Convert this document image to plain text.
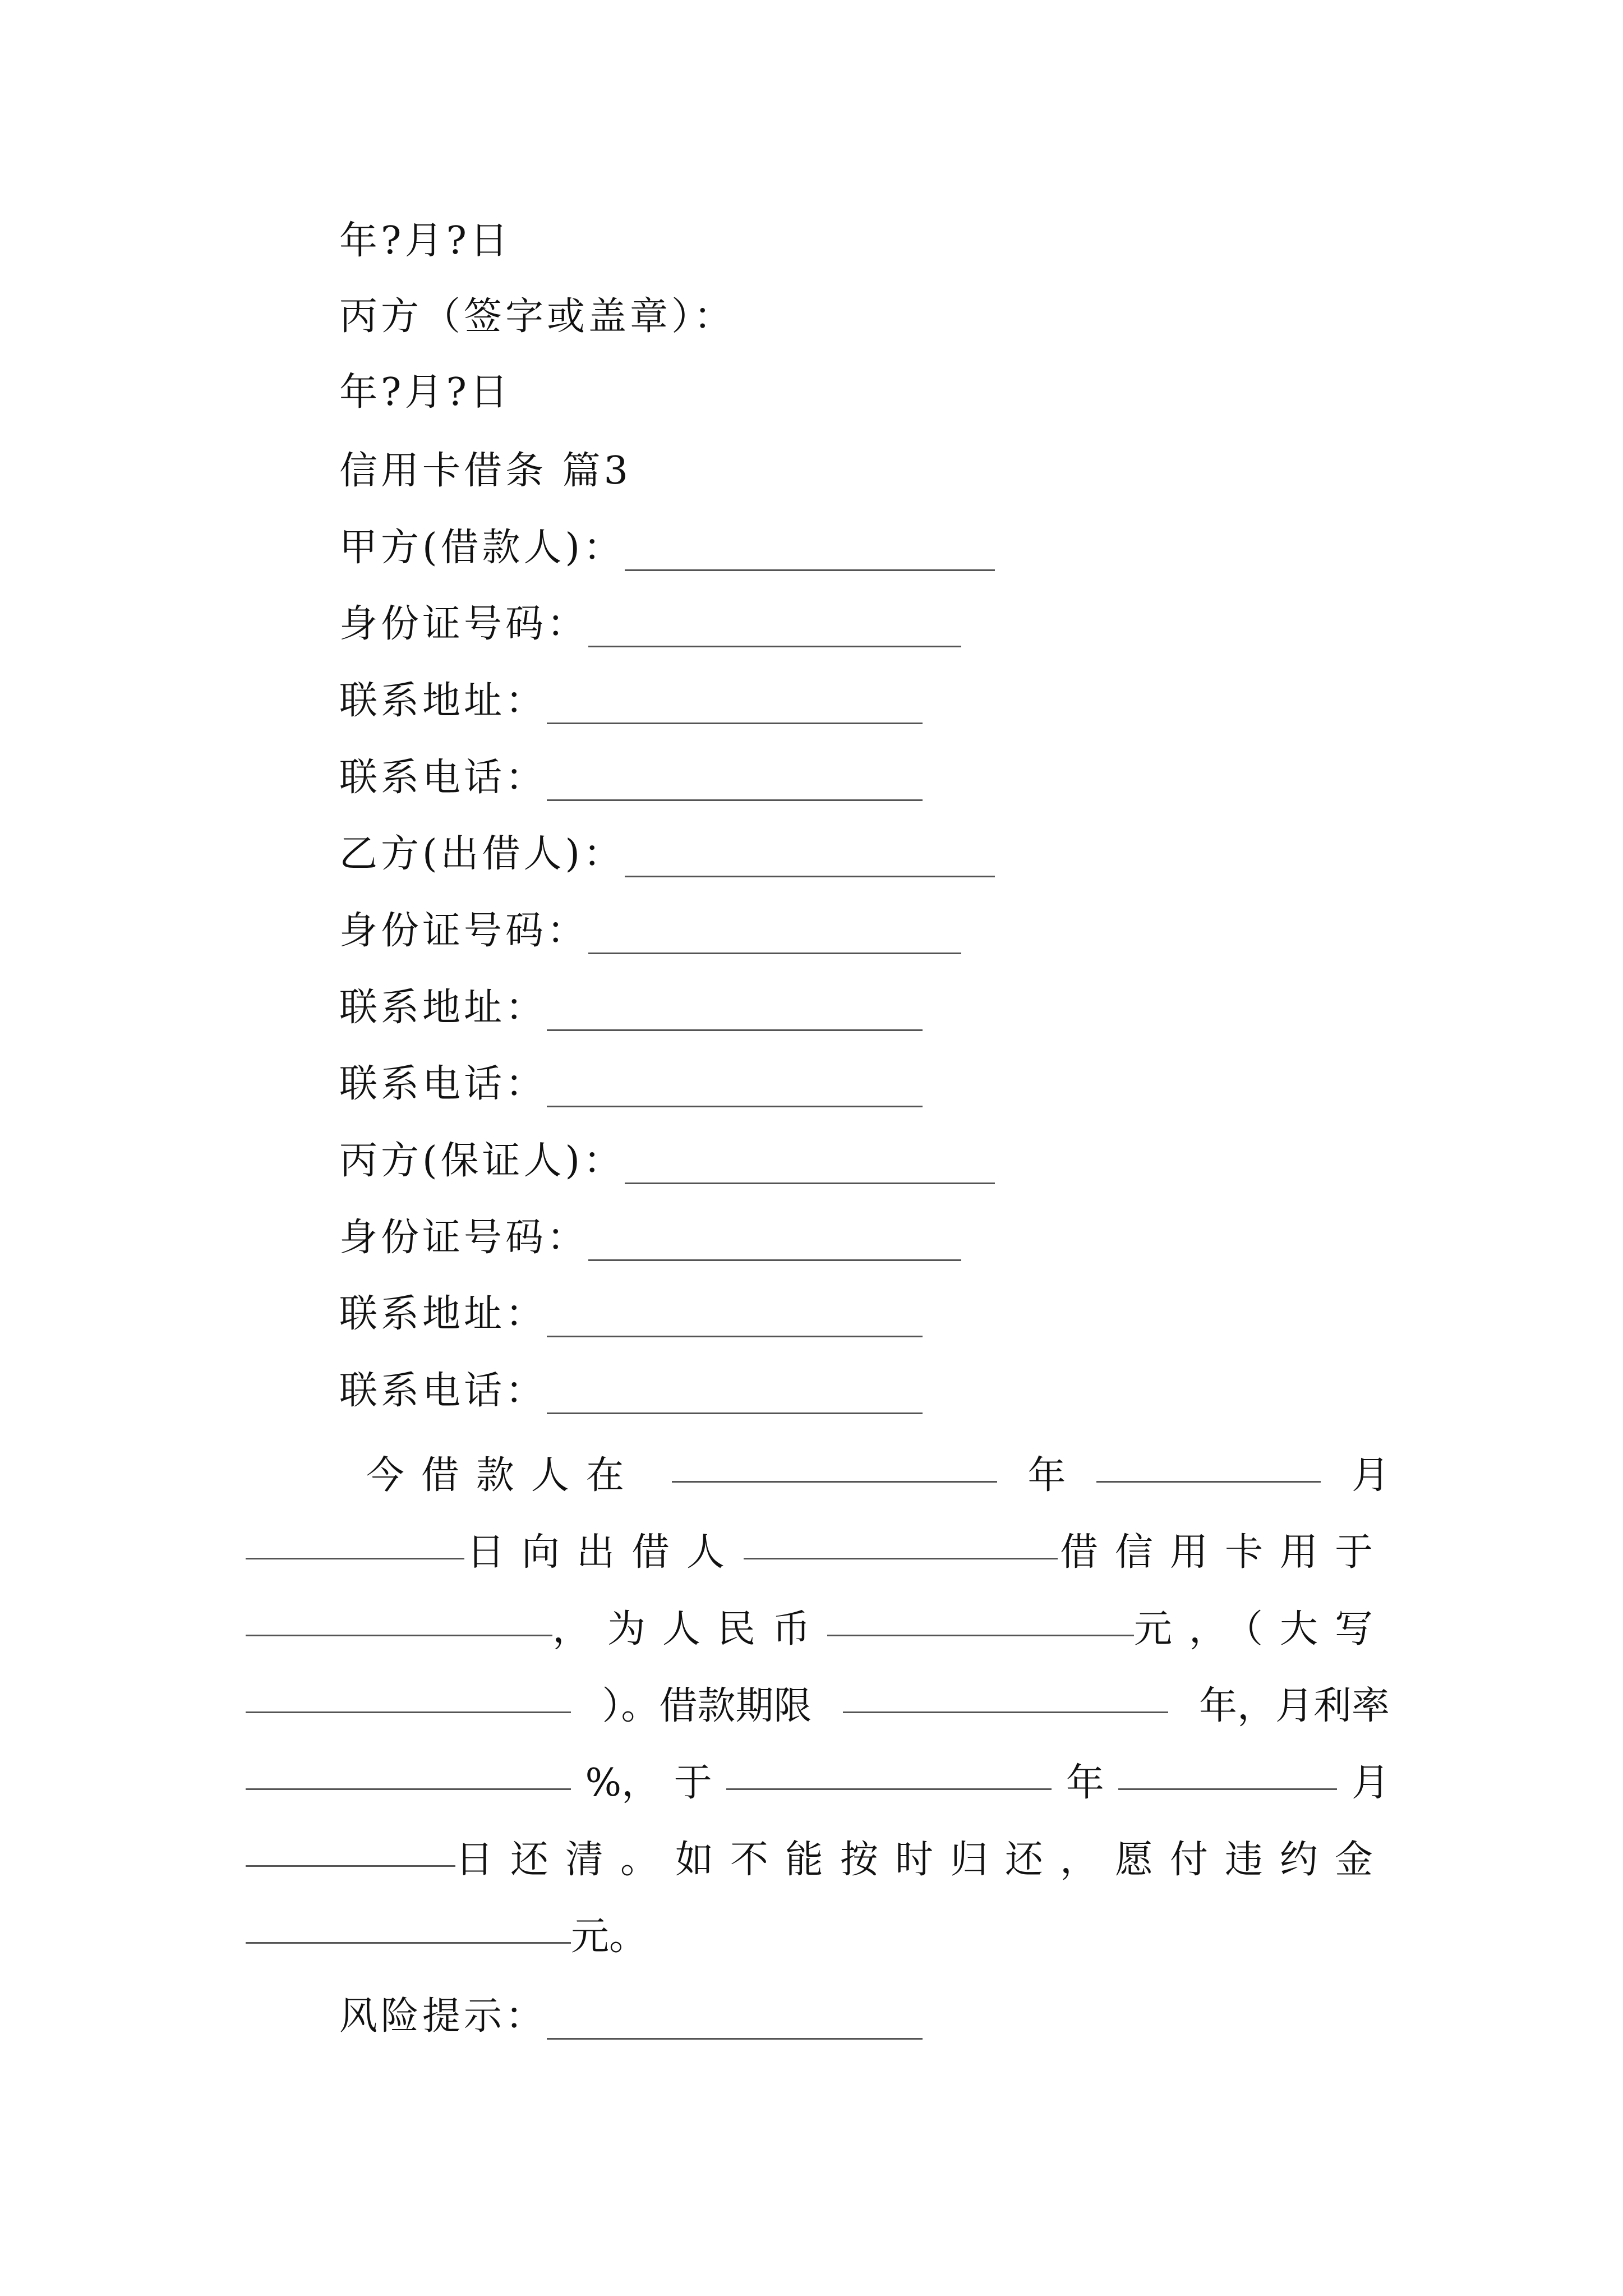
年?月?日
丙方（签字或盖章）：
年?月?日
信用卡借条 篇3
甲方(借款人)：
身份证号码：
联系地址：
联系电话：
乙方(出借人)：
身份证号码：
联系地址：
联系电话：
丙方(保证人)：
身份证号码：
联系地址：
联系电话：
今借款人在	年	月
日向出借人	借信用卡用于
，为人民币	元，（大写
）。借款期限	年，月利率
%， 于	年	月
日还清。如不能按时归还，愿付违约金
元。
风险提示：
